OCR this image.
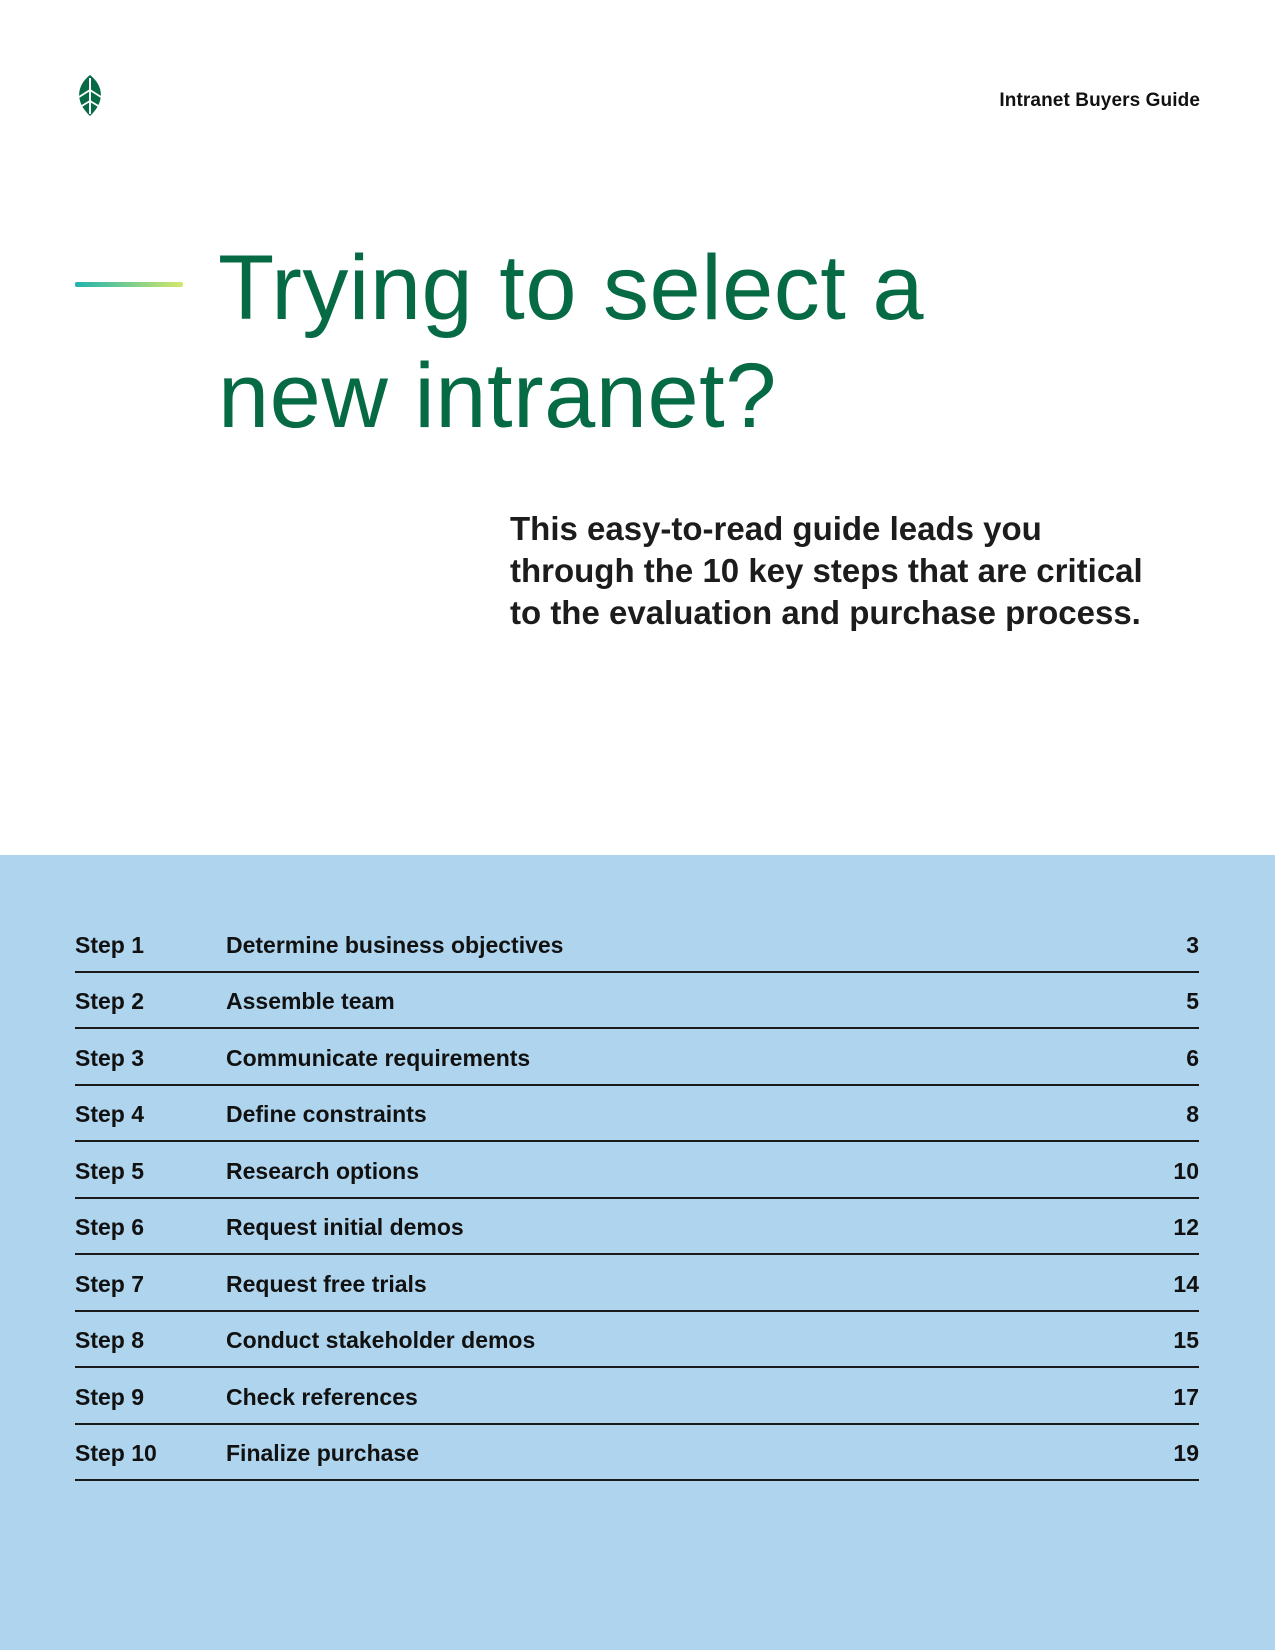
Intranet Buyers Guide
Trying to select a
new intranet?

This easy-to-read guide leads you
through the 10 key steps that are critical
to the evaluation and purchase process.

Step 1	Determine business objectives	3
Step 2	Assemble team	5
Step 3	Communicate requirements	6
Step 4	Define constraints	8
Step 5	Research options	10
Step 6	Request initial demos	12
Step 7	Request free trials	14
Step 8	Conduct stakeholder demos	15
Step 9	Check references	17
Step 10	Finalize purchase	19
